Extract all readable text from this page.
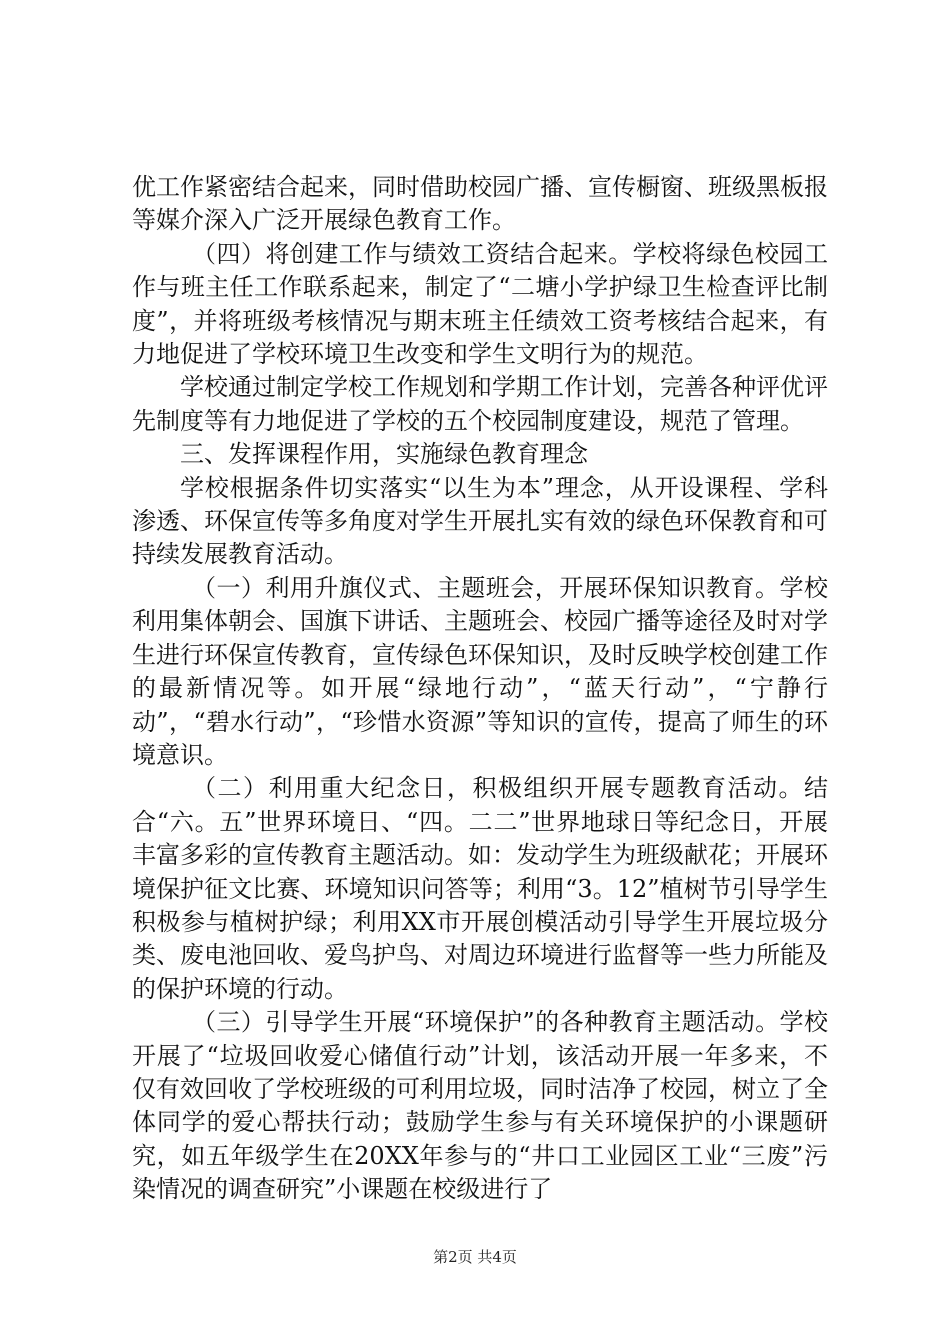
优工作紧密结合起来，同时借助校园广播、宣传橱窗、班级黑板报等媒介深入广泛开展绿色教育工作。

（四）将创建工作与绩效工资结合起来。学校将绿色校园工作与班主任工作联系起来，制定了“二塘小学护绿卫生检查评比制度”，并将班级考核情况与期末班主任绩效工资考核结合起来，有力地促进了学校环境卫生改变和学生文明行为的规范。

学校通过制定学校工作规划和学期工作计划，完善各种评优评先制度等有力地促进了学校的五个校园制度建设，规范了管理。

三、发挥课程作用，实施绿色教育理念

学校根据条件切实落实“以生为本”理念，从开设课程、学科渗透、环保宣传等多角度对学生开展扎实有效的绿色环保教育和可持续发展教育活动。

（一）利用升旗仪式、主题班会，开展环保知识教育。学校利用集体朝会、国旗下讲话、主题班会、校园广播等途径及时对学生进行环保宣传教育，宣传绿色环保知识，及时反映学校创建工作的最新情况等。如开展“绿地行动”，“蓝天行动”，“宁静行动”，“碧水行动”，“珍惜水资源”等知识的宣传，提高了师生的环境意识。

（二）利用重大纪念日，积极组织开展专题教育活动。结合“六。五”世界环境日、“四。二二”世界地球日等纪念日，开展丰富多彩的宣传教育主题活动。如：发动学生为班级献花；开展环境保护征文比赛、环境知识问答等；利用“3。12”植树节引导学生积极参与植树护绿；利用XX市开展创模活动引导学生开展垃圾分类、废电池回收、爱鸟护鸟、对周边环境进行监督等一些力所能及的保护环境的行动。

（三）引导学生开展“环境保护”的各种教育主题活动。学校开展了“垃圾回收爱心储值行动”计划，该活动开展一年多来，不仅有效回收了学校班级的可利用垃圾，同时洁净了校园，树立了全体同学的爱心帮扶行动；鼓励学生参与有关环境保护的小课题研究，如五年级学生在20XX年参与的“井口工业园区工业“三废”污染情况的调查研究”小课题在校级进行了

第2页 共4页
